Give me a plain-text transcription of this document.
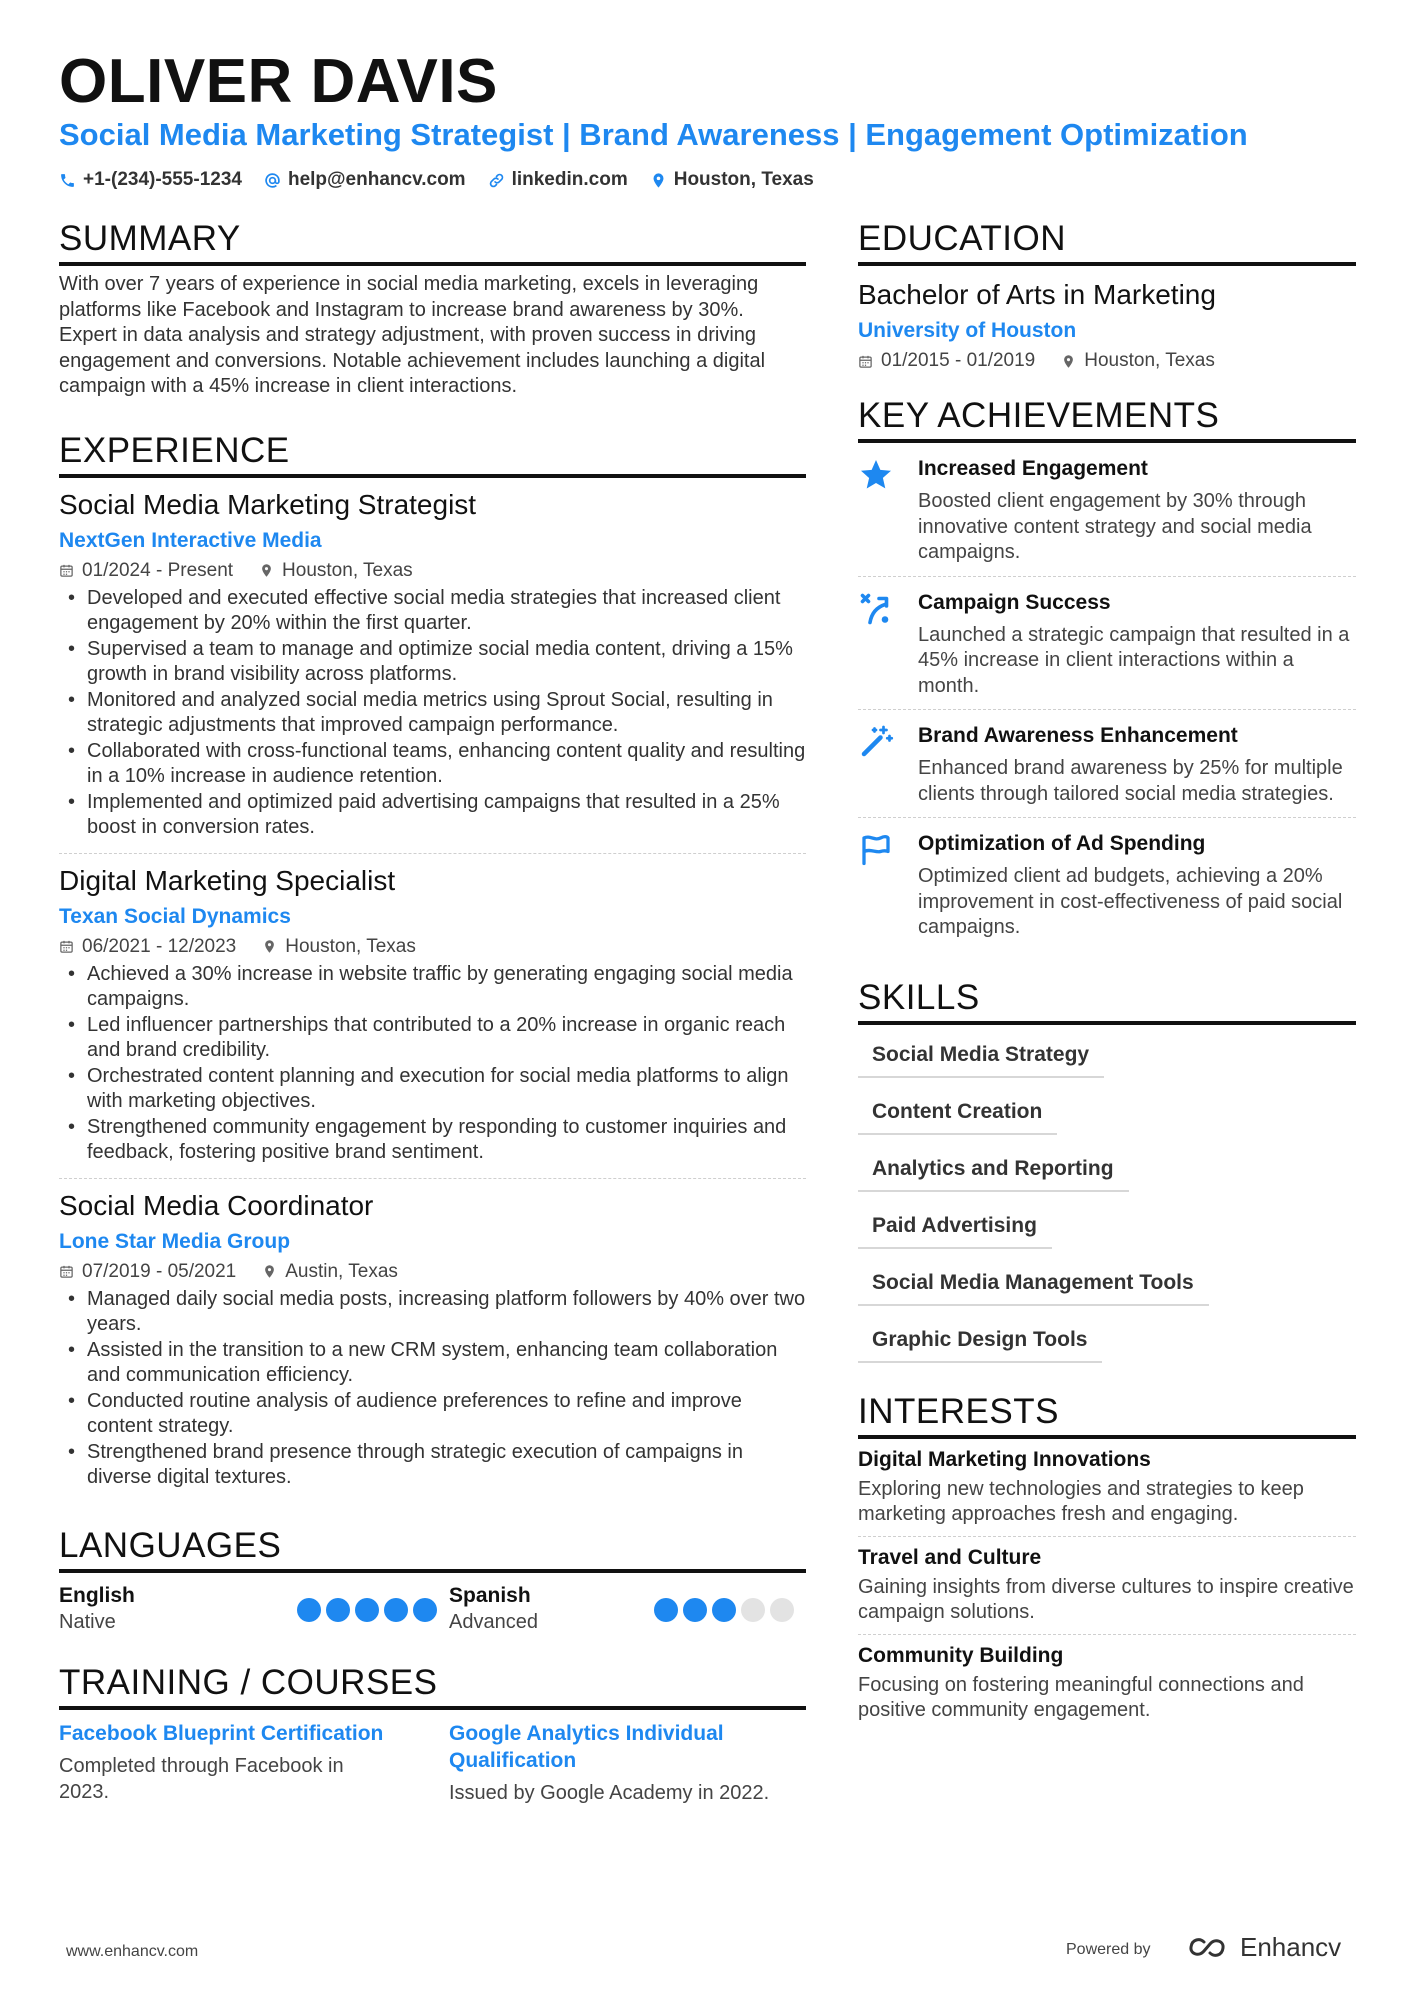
OLIVER DAVIS
Social Media Marketing Strategist | Brand Awareness | Engagement Optimization
+1-(234)-555-1234 help@enhancv.com linkedin.com Houston, Texas
SUMMARY
With over 7 years of experience in social media marketing, excels in leveraging platforms like Facebook and Instagram to increase brand awareness by 30%. Expert in data analysis and strategy adjustment, with proven success in driving engagement and conversions. Notable achievement includes launching a digital campaign with a 45% increase in client interactions.
EXPERIENCE
Social Media Marketing Strategist
NextGen Interactive Media
01/2024 - Present	Houston, Texas
• Developed and executed effective social media strategies that increased client engagement by 20% within the first quarter.
• Supervised a team to manage and optimize social media content, driving a 15% growth in brand visibility across platforms.
• Monitored and analyzed social media metrics using Sprout Social, resulting in strategic adjustments that improved campaign performance.
• Collaborated with cross-functional teams, enhancing content quality and resulting in a 10% increase in audience retention.
• Implemented and optimized paid advertising campaigns that resulted in a 25% boost in conversion rates.
Digital Marketing Specialist
Texan Social Dynamics
06/2021 - 12/2023	Houston, Texas
• Achieved a 30% increase in website traffic by generating engaging social media campaigns.
• Led influencer partnerships that contributed to a 20% increase in organic reach and brand credibility.
• Orchestrated content planning and execution for social media platforms to align with marketing objectives.
• Strengthened community engagement by responding to customer inquiries and feedback, fostering positive brand sentiment.
Social Media Coordinator
Lone Star Media Group
07/2019 - 05/2021	Austin, Texas
• Managed daily social media posts, increasing platform followers by 40% over two years.
• Assisted in the transition to a new CRM system, enhancing team collaboration and communication efficiency.
• Conducted routine analysis of audience preferences to refine and improve content strategy.
• Strengthened brand presence through strategic execution of campaigns in diverse digital textures.
LANGUAGES
English
Native
Spanish
Advanced
TRAINING / COURSES
Facebook Blueprint Certification
Completed through Facebook in 2023.
Google Analytics Individual Qualification
Issued by Google Academy in 2022.
EDUCATION
Bachelor of Arts in Marketing
University of Houston
01/2015 - 01/2019	Houston, Texas
KEY ACHIEVEMENTS
Increased Engagement
Boosted client engagement by 30% through innovative content strategy and social media campaigns.
Campaign Success
Launched a strategic campaign that resulted in a 45% increase in client interactions within a month.
Brand Awareness Enhancement
Enhanced brand awareness by 25% for multiple clients through tailored social media strategies.
Optimization of Ad Spending
Optimized client ad budgets, achieving a 20% improvement in cost-effectiveness of paid social campaigns.
SKILLS
Social Media Strategy
Content Creation
Analytics and Reporting
Paid Advertising
Social Media Management Tools
Graphic Design Tools
INTERESTS
Digital Marketing Innovations
Exploring new technologies and strategies to keep marketing approaches fresh and engaging.
Travel and Culture
Gaining insights from diverse cultures to inspire creative campaign solutions.
Community Building
Focusing on fostering meaningful connections and positive community engagement.
www.enhancv.com	Powered by	Enhancv
